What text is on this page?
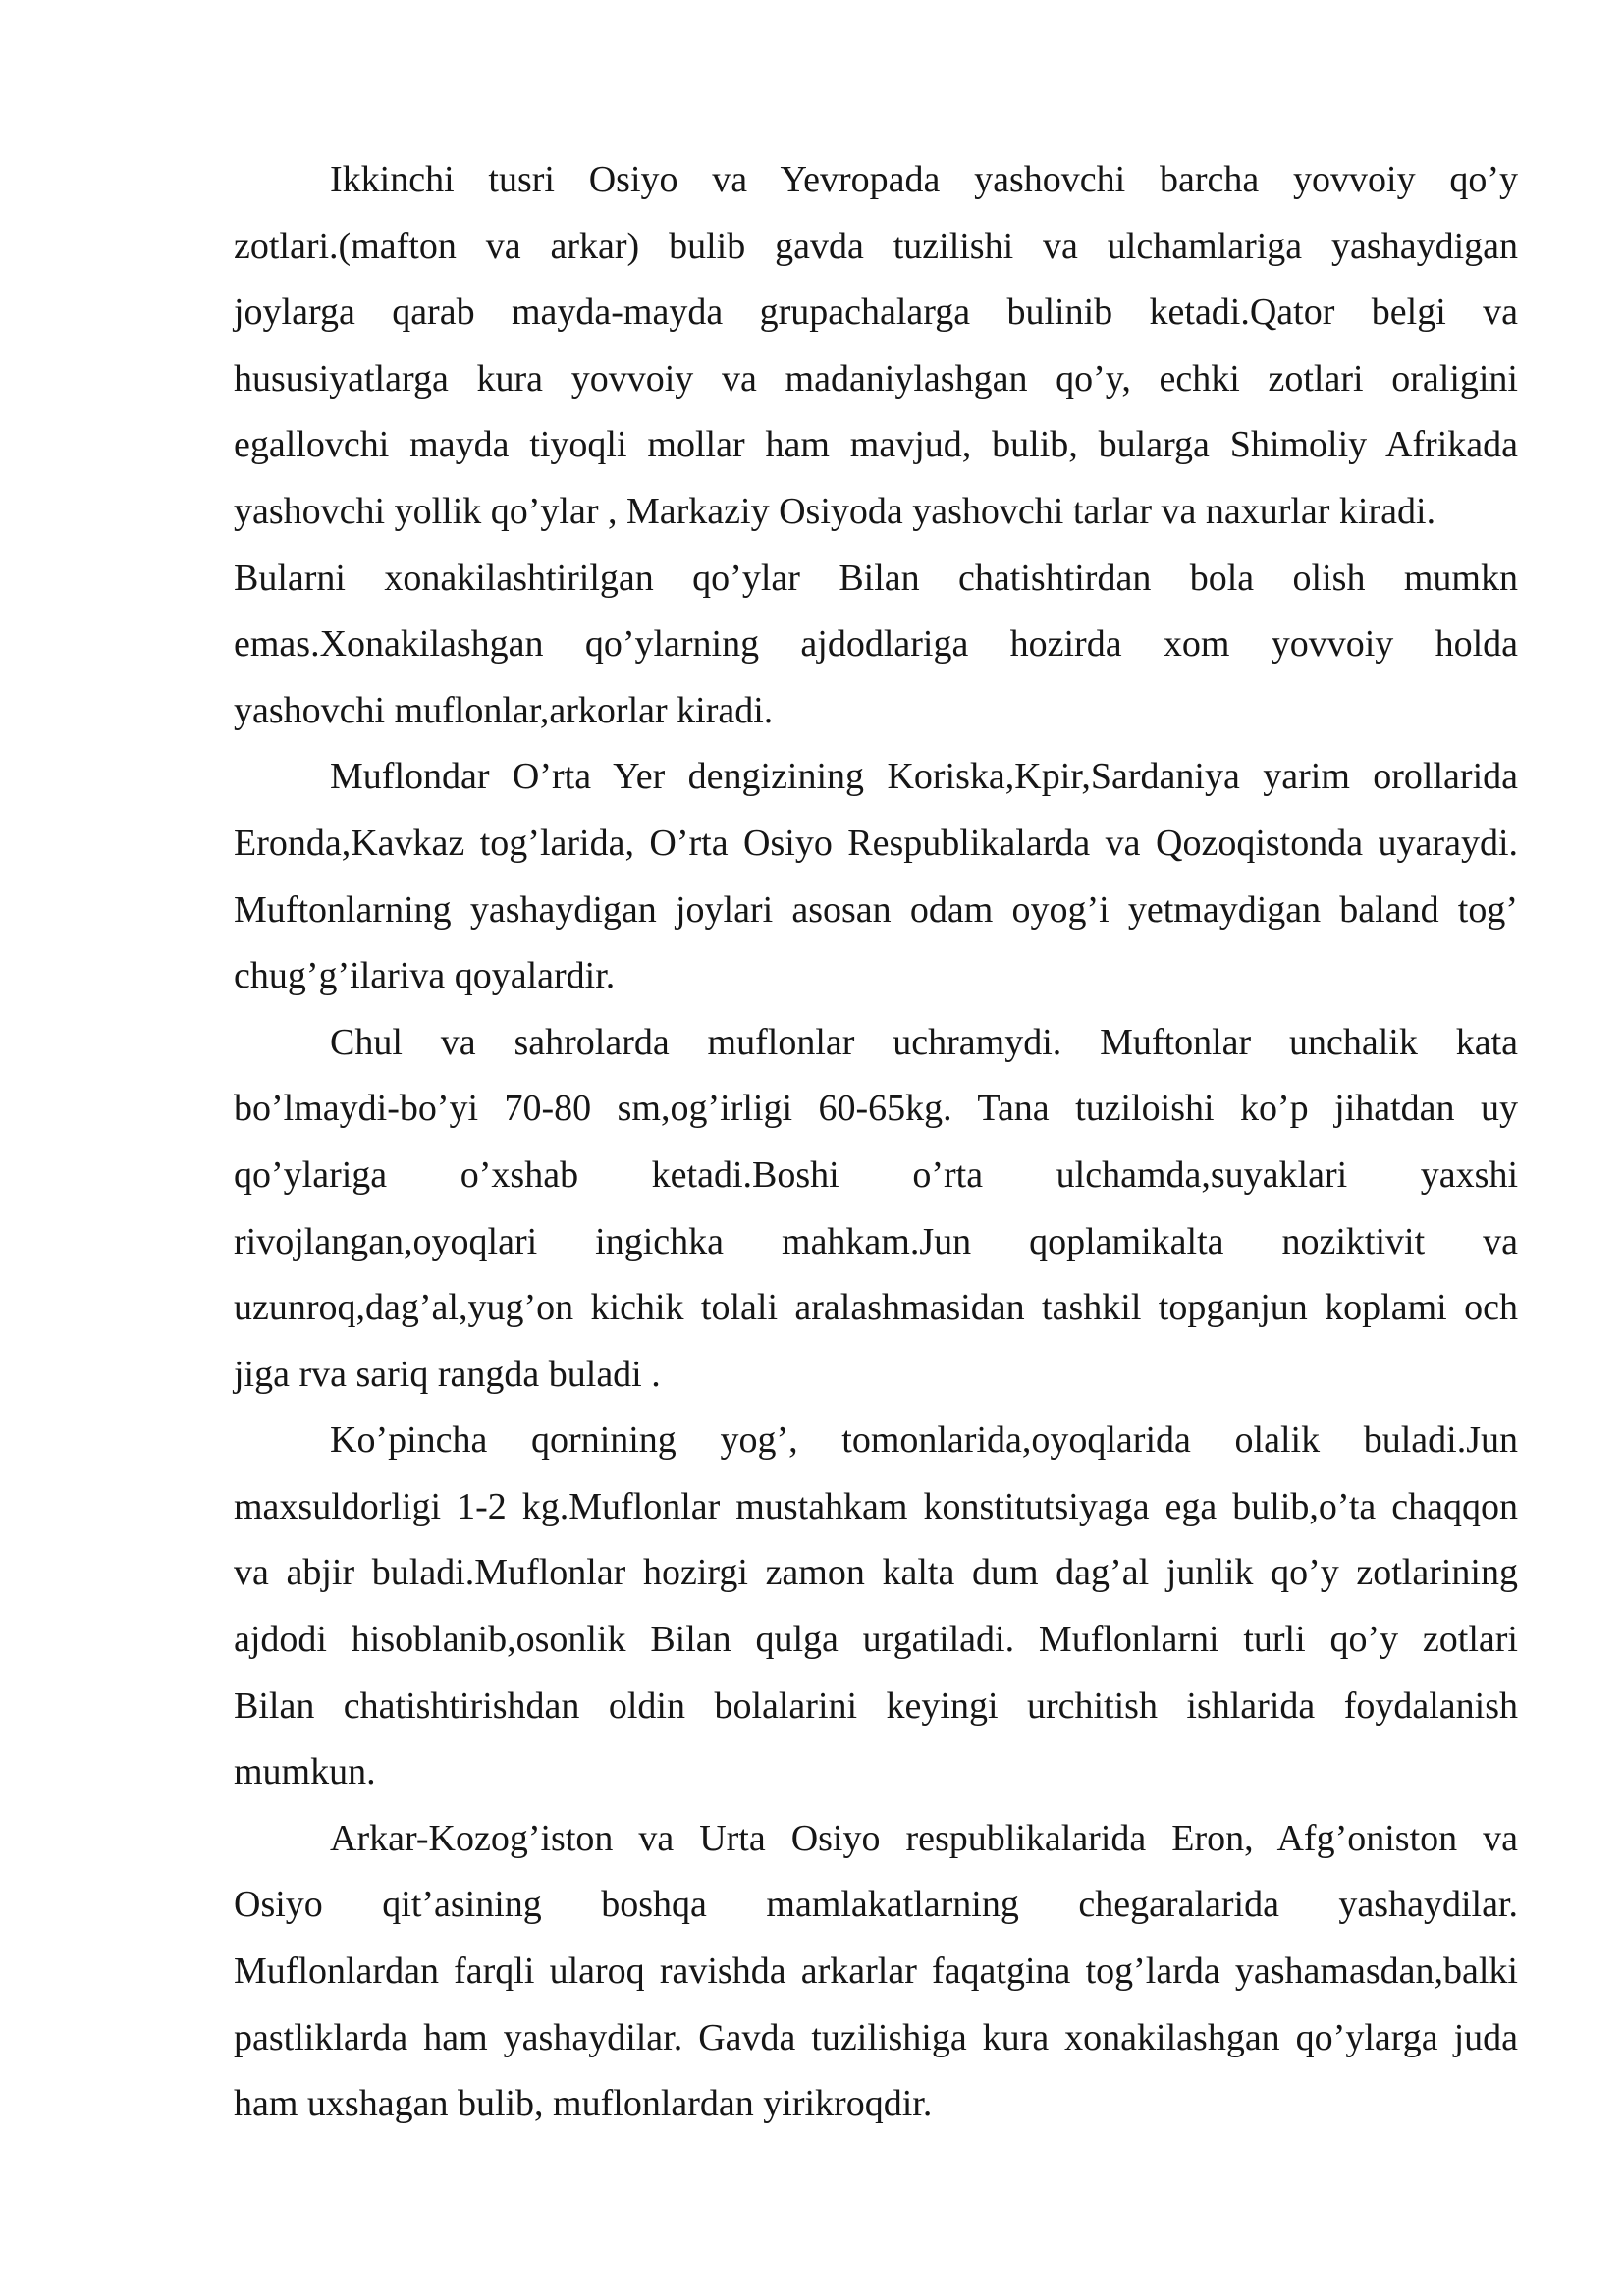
Ikkinchi tusri Osiyo va Yevropada yashovchi barcha yovvoiy qo’y
zotlari.(mafton va arkar) bulib gavda tuzilishi va ulchamlariga yashaydigan
joylarga qarab mayda-mayda grupachalarga bulinib ketadi.Qator belgi va
hususiyatlarga kura yovvoiy va madaniylashgan qo’y, echki zotlari oraligini
egallovchi mayda tiyoqli mollar ham mavjud, bulib, bularga Shimoliy Afrikada
yashovchi yollik qo’ylar , Markaziy Osiyoda yashovchi tarlar va naxurlar kiradi.
Bularni xonakilashtirilgan qo’ylar Bilan chatishtirdan bola olish mumkn
emas.Xonakilashgan qo’ylarning ajdodlariga hozirda xom yovvoiy holda
yashovchi muflonlar,arkorlar kiradi.
Muflondar O’rta Yer dengizining Koriska,Kpir,Sardaniya yarim orollarida
Eronda,Kavkaz tog’larida, O’rta Osiyo Respublikalarda va Qozoqistonda uyaraydi.
Muftonlarning yashaydigan joylari asosan odam oyog’i yetmaydigan baland tog’
chug’g’ilariva qoyalardir.
Chul va sahrolarda muflonlar uchramydi. Muftonlar unchalik kata
bo’lmaydi-bo’yi 70-80 sm,og’irligi 60-65kg. Tana tuziloishi ko’p jihatdan uy
qo’ylariga o’xshab ketadi.Boshi o’rta ulchamda,suyaklari yaxshi
rivojlangan,oyoqlari ingichka mahkam.Jun qoplamikalta noziktivit va
uzunroq,dag’al,yug’on kichik tolali aralashmasidan tashkil topganjun koplami och
jiga rva sariq rangda buladi .
Ko’pincha qornining yog’, tomonlarida,oyoqlarida olalik buladi.Jun
maxsuldorligi 1-2 kg.Muflonlar mustahkam konstitutsiyaga ega bulib,o’ta chaqqon
va abjir buladi.Muflonlar hozirgi zamon kalta dum dag’al junlik qo’y zotlarining
ajdodi hisoblanib,osonlik Bilan qulga urgatiladi. Muflonlarni turli qo’y zotlari
Bilan chatishtirishdan oldin bolalarini keyingi urchitish ishlarida foydalanish
mumkun.
Arkar-Kozog’iston va Urta Osiyo respublikalarida Eron, Afg’oniston va
Osiyo qit’asining boshqa mamlakatlarning chegaralarida yashaydilar.
Muflonlardan farqli ularoq ravishda arkarlar faqatgina tog’larda yashamasdan,balki
pastliklarda ham yashaydilar. Gavda tuzilishiga kura xonakilashgan qo’ylarga juda
ham uxshagan bulib, muflonlardan yirikroqdir.
